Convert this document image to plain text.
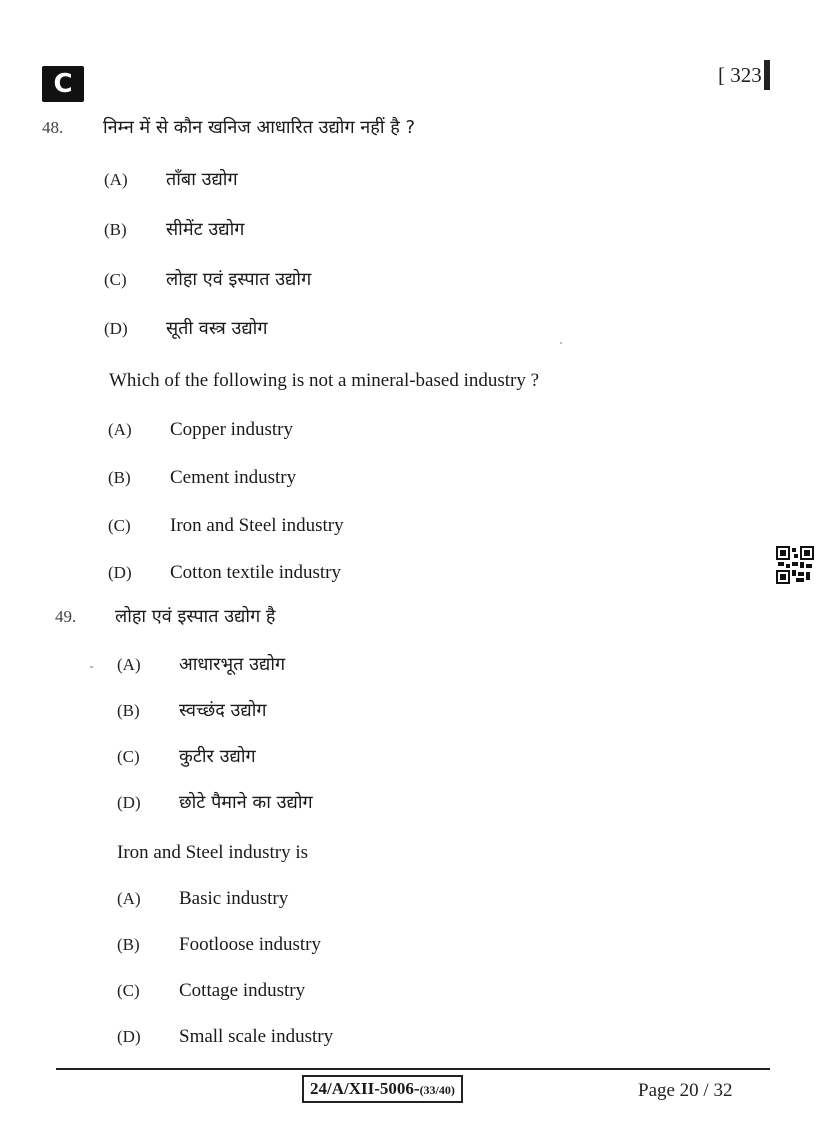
C	[ 323
48. निम्न में से कौन खनिज आधारित उद्योग नहीं है ?
(A)	ताँबा उद्योग
(B)	सीमेंट उद्योग
(C)	लोहा एवं इस्पात उद्योग
(D)	सूती वस्त्र उद्योग
Which of the following is not a mineral-based industry ?
(A)	Copper industry
(B)	Cement industry
(C)	Iron and Steel industry
(D)	Cotton textile industry
49. लोहा एवं इस्पात उद्योग है
(A)	आधारभूत उद्योग
(B)	स्वच्छंद उद्योग
(C)	कुटीर उद्योग
(D)	छोटे पैमाने का उद्योग
Iron and Steel industry is
(A)	Basic industry
(B)	Footloose industry
(C)	Cottage industry
(D)	Small scale industry
24/A/XII-5006-(33/40)	Page 20 / 32
